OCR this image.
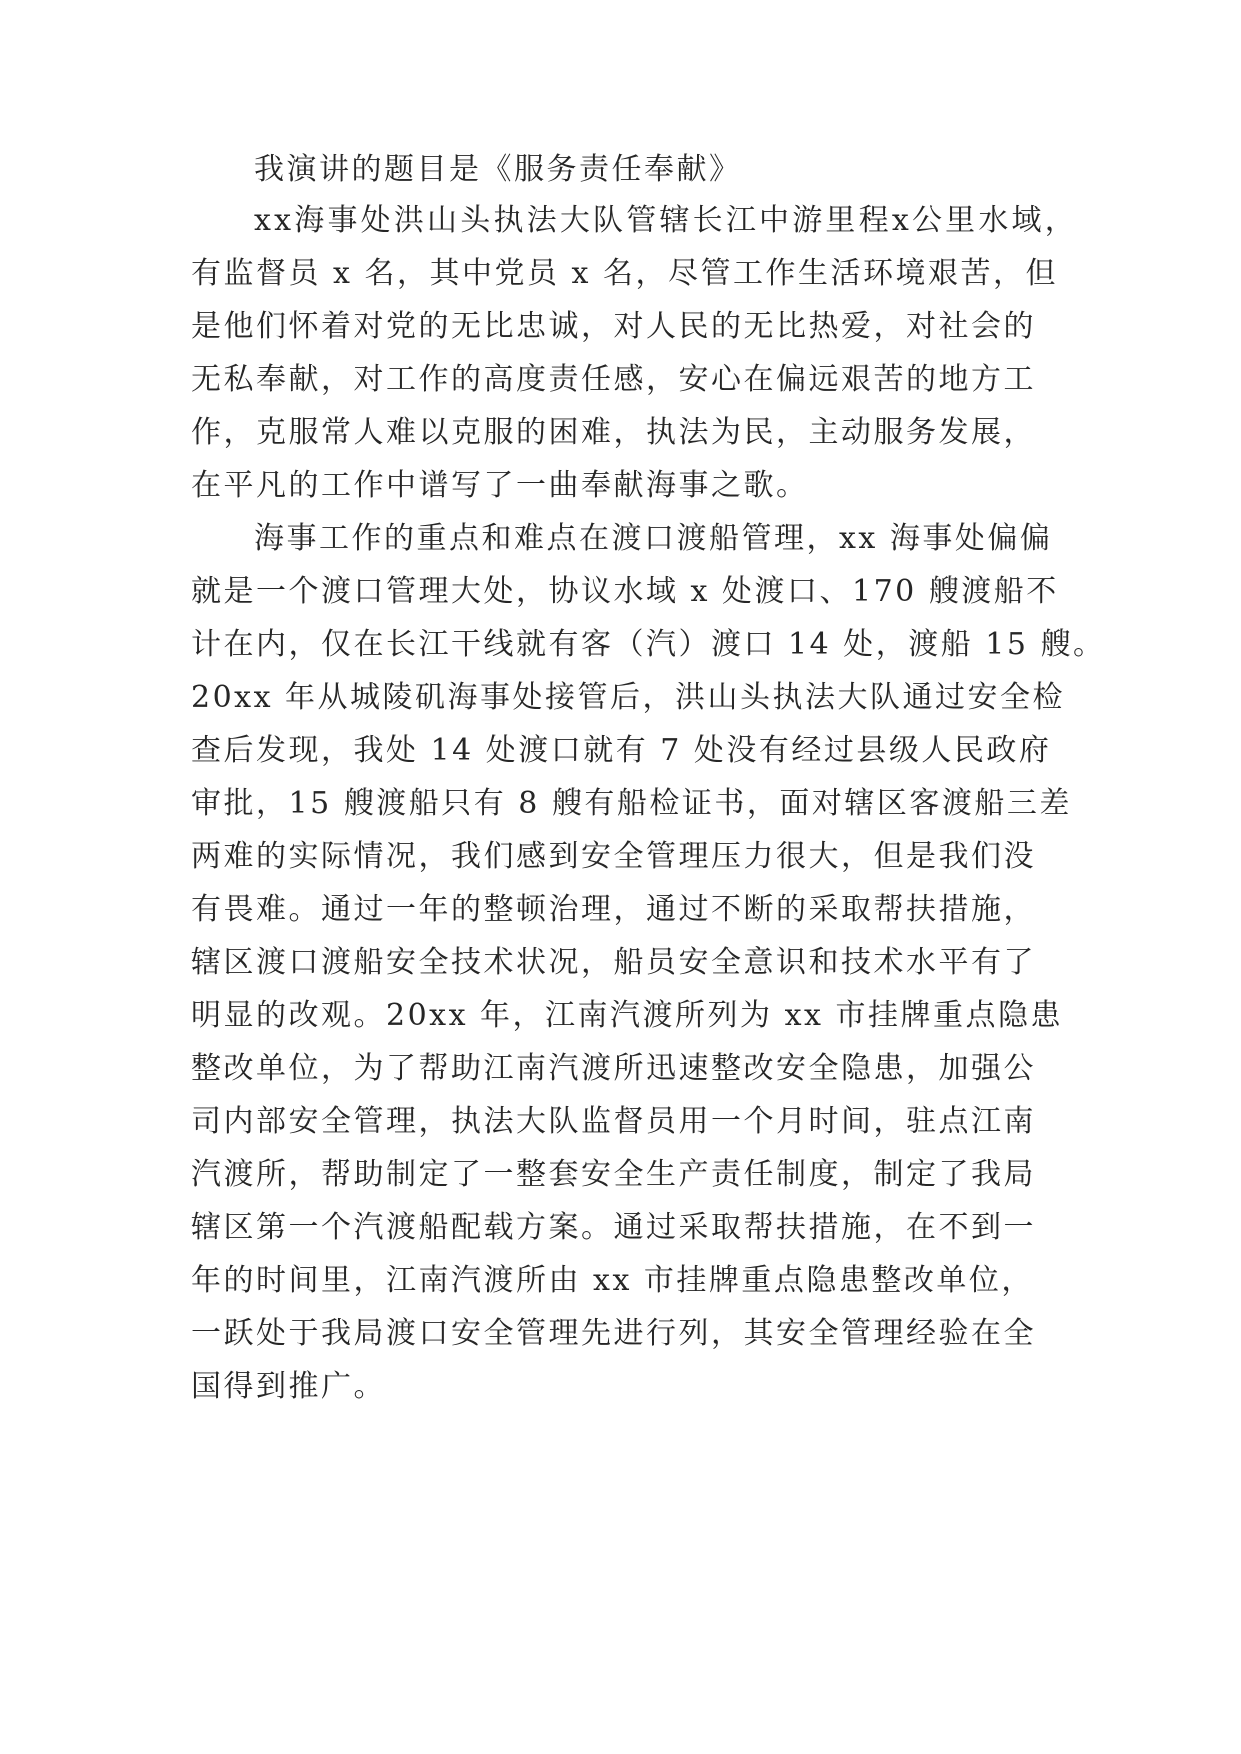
我演讲的题目是《服务责任奉献》
xx海事处洪山头执法大队管辖长江中游里程x公里水域，
有监督员 x 名，其中党员 x 名，尽管工作生活环境艰苦，但
是他们怀着对党的无比忠诚，对人民的无比热爱，对社会的
无私奉献，对工作的高度责任感，安心在偏远艰苦的地方工
作，克服常人难以克服的困难，执法为民，主动服务发展，
在平凡的工作中谱写了一曲奉献海事之歌。
海事工作的重点和难点在渡口渡船管理，xx 海事处偏偏
就是一个渡口管理大处，协议水域 x 处渡口、170 艘渡船不
计在内，仅在长江干线就有客（汽）渡口 14 处，渡船 15 艘。
20xx 年从城陵矶海事处接管后，洪山头执法大队通过安全检
查后发现，我处 14 处渡口就有 7 处没有经过县级人民政府
审批，15 艘渡船只有 8 艘有船检证书，面对辖区客渡船三差
两难的实际情况，我们感到安全管理压力很大，但是我们没
有畏难。通过一年的整顿治理，通过不断的采取帮扶措施，
辖区渡口渡船安全技术状况，船员安全意识和技术水平有了
明显的改观。20xx 年，江南汽渡所列为 xx 市挂牌重点隐患
整改单位，为了帮助江南汽渡所迅速整改安全隐患，加强公
司内部安全管理，执法大队监督员用一个月时间，驻点江南
汽渡所，帮助制定了一整套安全生产责任制度，制定了我局
辖区第一个汽渡船配载方案。通过采取帮扶措施，在不到一
年的时间里，江南汽渡所由 xx 市挂牌重点隐患整改单位，
一跃处于我局渡口安全管理先进行列，其安全管理经验在全
国得到推广。
